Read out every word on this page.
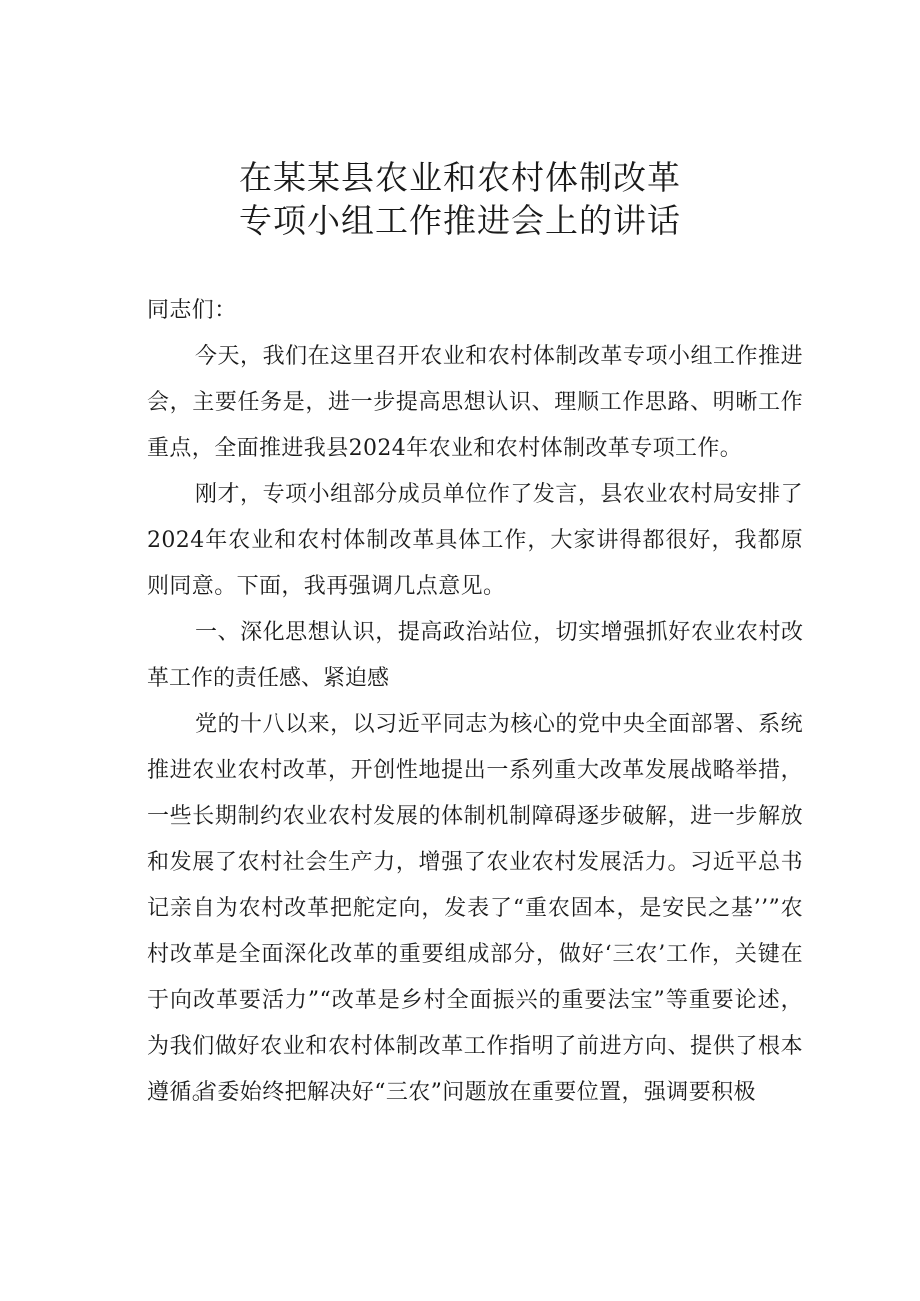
在某某县农业和农村体制改革
专项小组工作推进会上的讲话
同志们：
今天，我们在这里召开农业和农村体制改革专项小组工作推进会，主要任务是，进一步提高思想认识、理顺工作思路、明晰工作重点，全面推进我县2024年农业和农村体制改革专项工作。
刚才，专项小组部分成员单位作了发言，县农业农村局安排了2024年农业和农村体制改革具体工作，大家讲得都很好，我都原则同意。下面，我再强调几点意见。
一、深化思想认识，提高政治站位，切实增强抓好农业农村改革工作的责任感、紧迫感
党的十八以来，以习近平同志为核心的党中央全面部署、系统推进农业农村改革，开创性地提出一系列重大改革发展战略举措，一些长期制约农业农村发展的体制机制障碍逐步破解，进一步解放和发展了农村社会生产力，增强了农业农村发展活力。习近平总书记亲自为农村改革把舵定向，发表了“重农固本，是安民之基’’”农村改革是全面深化改革的重要组成部分，做好‘三农’工作，关键在于向改革要活力”“改革是乡村全面振兴的重要法宝”等重要论述，为我们做好农业和农村体制改革工作指明了前进方向、提供了根本遵循。
省委始终把解决好“三农”问题放在重要位置，强调要积极
